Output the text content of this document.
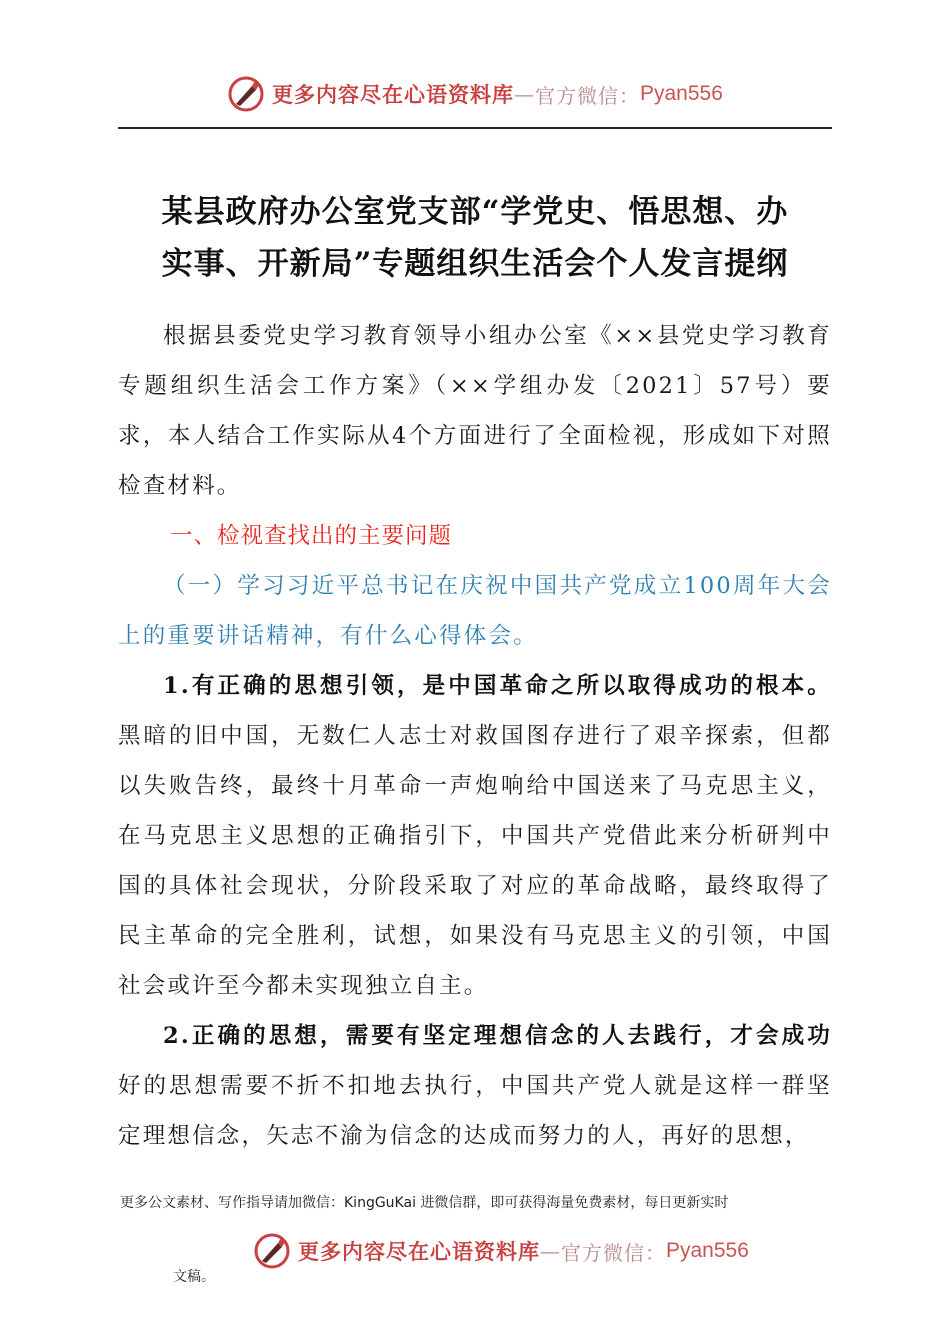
更多内容尽在心语资料库 — 官方微信： Pyan556
某县政府办公室党支部“学党史、悟思想、办
实事、开新局”专题组织生活会个人发言提纲
根据县委党史学习教育领导小组办公室《××县党史学习教育专题组织生活会工作方案》（××学组办发〔2021〕57号）要求，本人结合工作实际从4个方面进行了全面检视，形成如下对照检查材料。
一、检视查找出的主要问题
（一）学习习近平总书记在庆祝中国共产党成立100周年大会上的重要讲话精神，有什么心得体会。
1.有正确的思想引领，是中国革命之所以取得成功的根本。黑暗的旧中国，无数仁人志士对救国图存进行了艰辛探索，但都以失败告终，最终十月革命一声炮响给中国送来了马克思主义，在马克思主义思想的正确指引下，中国共产党借此来分析研判中国的具体社会现状，分阶段采取了对应的革命战略，最终取得了民主革命的完全胜利，试想，如果没有马克思主义的引领，中国社会或许至今都未实现独立自主。
2.正确的思想，需要有坚定理想信念的人去践行，才会成功好的思想需要不折不扣地去执行，中国共产党人就是这样一群坚定理想信念，矢志不渝为信念的达成而努力的人，再好的思想，
更多公文素材、写作指导请加微信：KingGuKai 进微信群，即可获得海量免费素材，每日更新实时
更多内容尽在心语资料库 — 官方微信： Pyan556
文稿。
